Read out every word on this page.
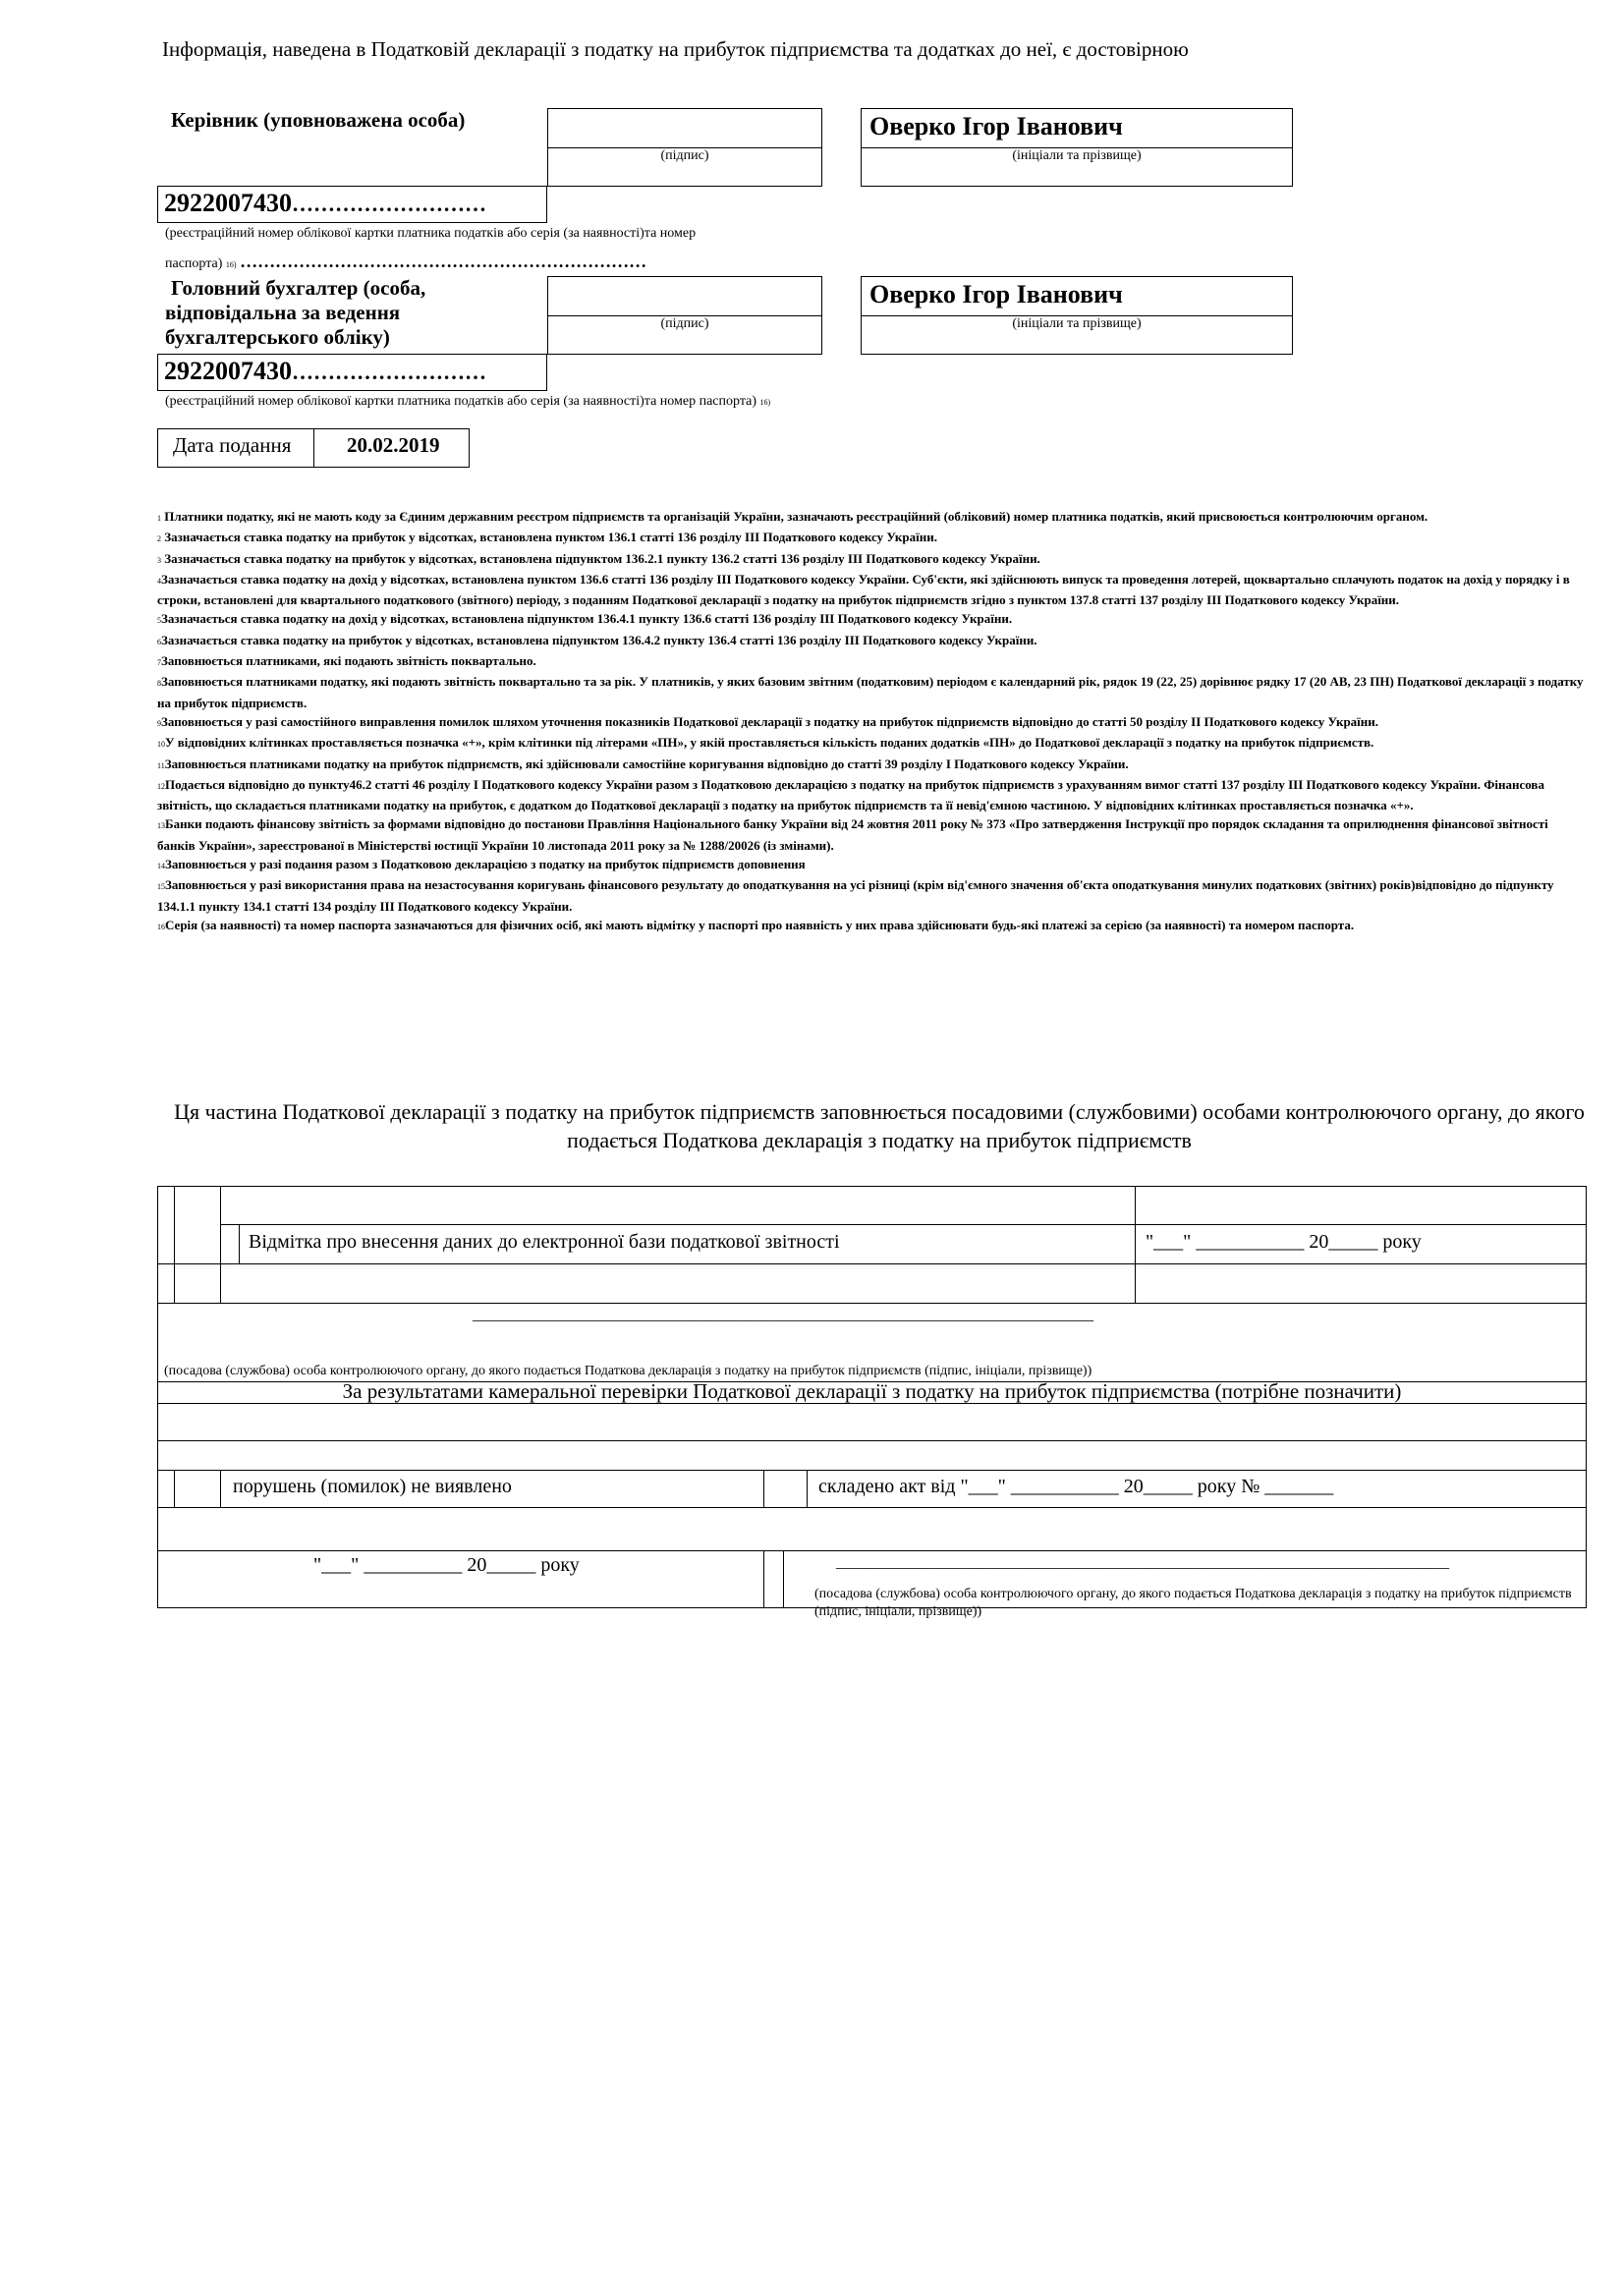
Інформація, наведена в Податковій декларації з податку на прибуток підприємства та додатках до неї, є достовірною
Керівник (уповноважена особа)
(підпис)
Оверко Ігор Іванович
(ініціали та прізвище)
2922007430………………………
(реєстраційний номер облікової картки платника податків або серія (за наявності)та номер
паспорта) 16) ……………………………………………………………
Головний бухгалтер (особа,
відповідальна за ведення
бухгалтерського обліку)
(підпис)
Оверко Ігор Іванович
(ініціали та прізвище)
2922007430………………………
(реєстраційний номер облікової картки платника податків або серія (за наявності)та номер паспорта) 16)
Дата подання	20.02.2019
1 Платники податку, які не мають коду за Єдиним державним реєстром підприємств та організацій України, зазначають реєстраційний (обліковий) номер платника податків, який присвоюється контролюючим органом.
2 Зазначається ставка податку на прибуток у відсотках, встановлена пунктом 136.1 статті 136 розділу ІІІ Податкового кодексу України.
3 Зазначається ставка податку на прибуток у відсотках, встановлена підпунктом 136.2.1 пункту 136.2 статті 136 розділу ІІІ Податкового кодексу України.
4Зазначається ставка податку на дохід у відсотках, встановлена пунктом 136.6 статті 136 розділу ІІІ Податкового кодексу України. Суб'єкти, які здійснюють випуск та проведення лотерей, щоквартально сплачують податок на дохід у порядку і в строки, встановлені для квартального податкового (звітного) періоду, з поданням Податкової декларації з податку на прибуток підприємств згідно з пунктом 137.8 статті 137 розділу ІІІ Податкового кодексу України.
5Зазначається ставка податку на дохід у відсотках, встановлена підпунктом 136.4.1 пункту 136.6 статті 136 розділу ІІІ Податкового кодексу України.
6Зазначається ставка податку на прибуток у відсотках, встановлена підпунктом 136.4.2 пункту 136.4 статті 136 розділу ІІІ Податкового кодексу України.
7Заповнюється платниками, які подають звітність поквартально.
8Заповнюється платниками податку, які подають звітність поквартально та за рік. У платників, у яких базовим звітним (податковим) періодом є календарний рік, рядок 19 (22, 25) дорівнює рядку 17 (20 АВ, 23 ПН) Податкової декларації з податку на прибуток підприємств.
9Заповнюється у разі самостійного виправлення помилок шляхом уточнення показників Податкової декларації з податку на прибуток підприємств відповідно до статті 50 розділу ІІ Податкового кодексу України.
10У відповідних клітинках проставляється позначка «+», крім клітинки під літерами «ПН», у якій проставляється кількість поданих додатків «ПН» до Податкової декларації з податку на прибуток підприємств.
11Заповнюється платниками податку на прибуток підприємств, які здійснювали самостійне коригування відповідно до статті 39 розділу І Податкового кодексу України.
12Подається відповідно до пункту46.2 статті 46 розділу І Податкового кодексу України разом з Податковою декларацією з податку на прибуток підприємств з урахуванням вимог статті 137 розділу ІІІ Податкового кодексу України. Фінансова звітність, що складається платниками податку на прибуток, є додатком до Податкової декларації з податку на прибуток підприємств та її невід'ємною частиною. У відповідних клітинках проставляється позначка «+».
13Банки подають фінансову звітність за формами відповідно до постанови Правління Національного банку України від 24 жовтня 2011 року № 373 «Про затвердження Інструкції про порядок складання та оприлюднення фінансової звітності банків України», зареєстрованої в Міністерстві юстиції України 10 листопада 2011 року за № 1288/20026 (із змінами).
14Заповнюється у разі подання разом з Податковою декларацією з податку на прибуток підприємств доповнення
15Заповнюється у разі використання права на незастосування коригувань фінансового результату до оподаткування на усі різниці (крім від'ємного значення об'єкта оподаткування минулих податкових (звітних) років)відповідно до підпункту 134.1.1 пункту 134.1 статті 134 розділу ІІІ Податкового кодексу України.
16Серія (за наявності) та номер паспорта зазначаються для фізичних осіб, які мають відмітку у паспорті про наявність у них права здійснювати будь-які платежі за серією (за наявності) та номером паспорта.
Ця частина Податкової декларації з податку на прибуток підприємств заповнюється посадовими (службовими) особами контролюючого органу, до якого подається Податкова декларація з податку на прибуток підприємств
Відмітка про внесення даних до електронної бази податкової звітності	"___" ___________ 20_____ року
_______________________________________________________________________________
(посадова (службова) особа контролюючого органу, до якого подається Податкова декларація з податку на прибуток підприємств (підпис, ініціали, прізвище))
За результатами камеральної перевірки Податкової декларації з податку на прибуток підприємства (потрібне позначити)
порушень (помилок) не виявлено	складено акт від "___" ___________ 20_____ року № _______
"___" __________ 20_____ року	______________________________________________________________________________
(посадова (службова) особа контролюючого органу, до якого подається Податкова декларація з податку на прибуток підприємств (підпис, ініціали, прізвище))
